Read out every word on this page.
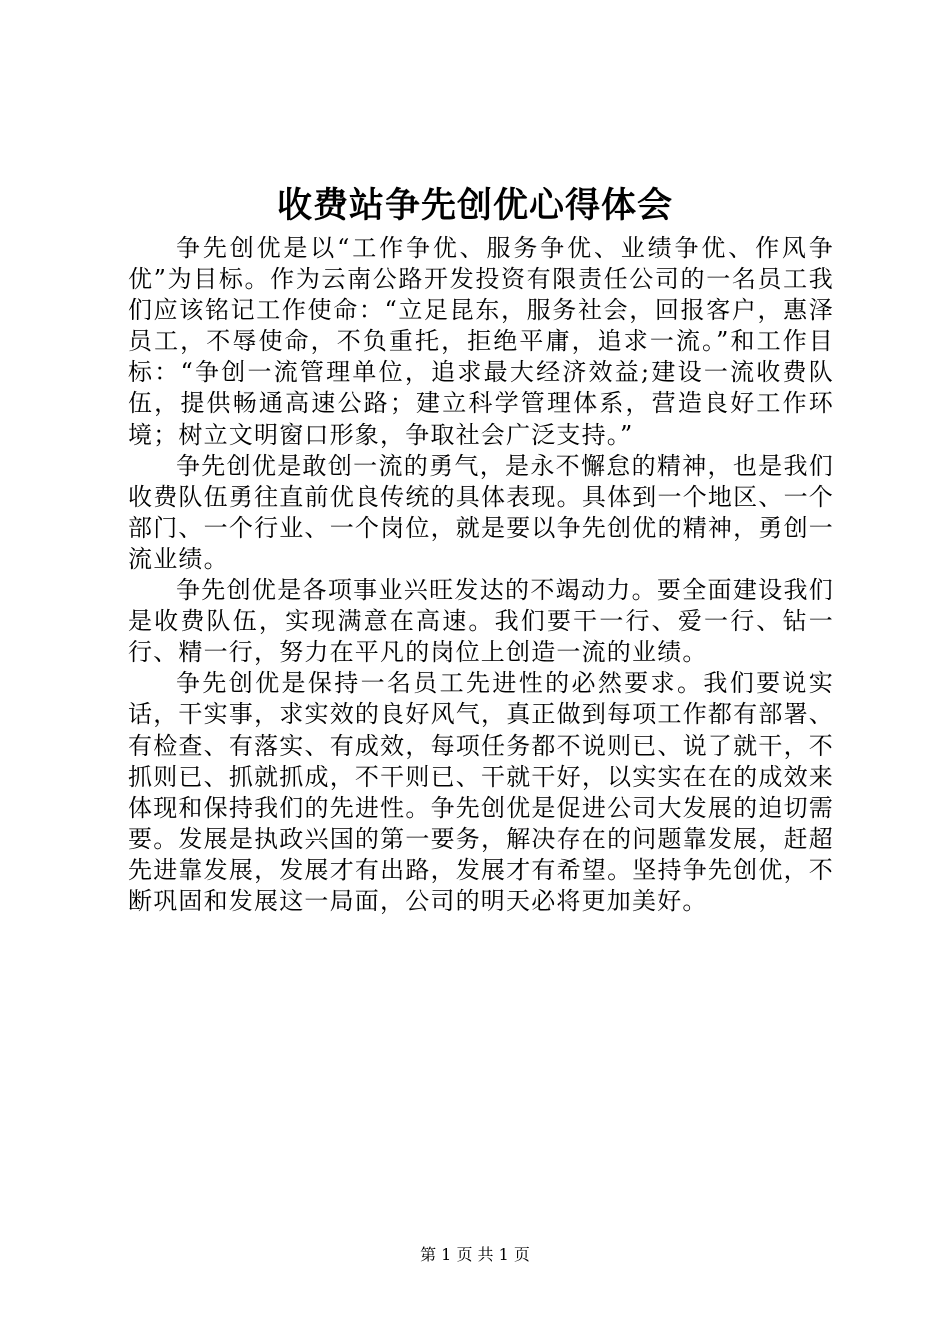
收费站争先创优心得体会

争先创优是以“工作争优、服务争优、业绩争优、作风争优”为目标。作为云南公路开发投资有限责任公司的一名员工我们应该铭记工作使命：“立足昆东，服务社会，回报客户，惠泽员工，不辱使命，不负重托，拒绝平庸，追求一流。”和工作目标：“争创一流管理单位，追求最大经济效益;建设一流收费队伍，提供畅通高速公路；建立科学管理体系，营造良好工作环境；树立文明窗口形象，争取社会广泛支持。”

争先创优是敢创一流的勇气，是永不懈怠的精神，也是我们收费队伍勇往直前优良传统的具体表现。具体到一个地区、一个部门、一个行业、一个岗位，就是要以争先创优的精神，勇创一流业绩。

争先创优是各项事业兴旺发达的不竭动力。要全面建设我们是收费队伍，实现满意在高速。我们要干一行、爱一行、钻一行、精一行，努力在平凡的岗位上创造一流的业绩。

争先创优是保持一名员工先进性的必然要求。我们要说实话，干实事，求实效的良好风气，真正做到每项工作都有部署、有检查、有落实、有成效，每项任务都不说则已、说了就干，不抓则已、抓就抓成，不干则已、干就干好，以实实在在的成效来体现和保持我们的先进性。争先创优是促进公司大发展的迫切需要。发展是执政兴国的第一要务，解决存在的问题靠发展，赶超先进靠发展，发展才有出路，发展才有希望。坚持争先创优，不断巩固和发展这一局面，公司的明天必将更加美好。

第 1 页 共 1 页
